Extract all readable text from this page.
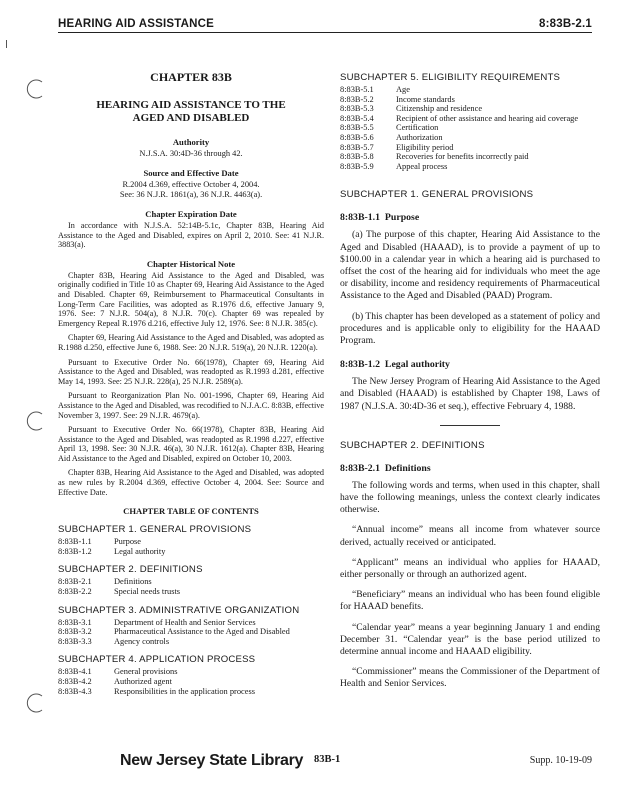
HEARING AID ASSISTANCE	8:83B-2.1
CHAPTER 83B
HEARING AID ASSISTANCE TO THE
AGED AND DISABLED
Authority
N.J.S.A. 30:4D-36 through 42.
Source and Effective Date
R.2004 d.369, effective October 4, 2004.
See: 36 N.J.R. 1861(a), 36 N.J.R. 4463(a).
Chapter Expiration Date

In accordance with N.J.S.A. 52:14B-5.1c, Chapter 83B, Hearing Aid Assistance to the Aged and Disabled, expires on April 2, 2010. See: 41 N.J.R. 3883(a).

Chapter Historical Note

Chapter 83B, Hearing Aid Assistance to the Aged and Disabled, was originally codified in Title 10 as Chapter 69, Hearing Aid Assistance to the Aged and Disabled. Chapter 69, Reimbursement to Pharmaceutical Consultants in Long-Term Care Facilities, was adopted as R.1976 d.6, effective January 9, 1976. See: 7 N.J.R. 504(a), 8 N.J.R. 70(c). Chapter 69 was repealed by Emergency Repeal R.1976 d.216, effective July 12, 1976. See: 8 N.J.R. 385(c).

Chapter 69, Hearing Aid Assistance to the Aged and Disabled, was adopted as R.1988 d.250, effective June 6, 1988. See: 20 N.J.R. 519(a), 20 N.J.R. 1220(a).

Pursuant to Executive Order No. 66(1978), Chapter 69, Hearing Aid Assistance to the Aged and Disabled, was readopted as R.1993 d.281, effective May 14, 1993. See: 25 N.J.R. 228(a), 25 N.J.R. 2589(a).

Pursuant to Reorganization Plan No. 001-1996, Chapter 69, Hearing Aid Assistance to the Aged and Disabled, was recodified to N.J.A.C. 8:83B, effective November 3, 1997. See: 29 N.J.R. 4679(a).

Pursuant to Executive Order No. 66(1978), Chapter 83B, Hearing Aid Assistance to the Aged and Disabled, was readopted as R.1998 d.227, effective April 13, 1998. See: 30 N.J.R. 46(a), 30 N.J.R. 1612(a). Chapter 83B, Hearing Aid Assistance to the Aged and Disabled, expired on October 10, 2003.

Chapter 83B, Hearing Aid Assistance to the Aged and Disabled, was adopted as new rules by R.2004 d.369, effective October 4, 2004. See: Source and Effective Date.

CHAPTER TABLE OF CONTENTS
SUBCHAPTER 1. GENERAL PROVISIONS
8:83B-1.1	Purpose
8:83B-1.2	Legal authority
SUBCHAPTER 2. DEFINITIONS
8:83B-2.1	Definitions
8:83B-2.2	Special needs trusts
SUBCHAPTER 3. ADMINISTRATIVE ORGANIZATION
8:83B-3.1	Department of Health and Senior Services
8:83B-3.2	Pharmaceutical Assistance to the Aged and Disabled
8:83B-3.3	Agency controls
SUBCHAPTER 4. APPLICATION PROCESS
8:83B-4.1	General provisions
8:83B-4.2	Authorized agent
8:83B-4.3	Responsibilities in the application process
SUBCHAPTER 5. ELIGIBILITY REQUIREMENTS
8:83B-5.1	Age
8:83B-5.2	Income standards
8:83B-5.3	Citizenship and residence
8:83B-5.4	Recipient of other assistance and hearing aid coverage
8:83B-5.5	Certification
8:83B-5.6	Authorization
8:83B-5.7	Eligibility period
8:83B-5.8	Recoveries for benefits incorrectly paid
8:83B-5.9	Appeal process
SUBCHAPTER 1. GENERAL PROVISIONS
8:83B-1.1 Purpose

(a) The purpose of this chapter, Hearing Aid Assistance to the Aged and Disabled (HAAAD), is to provide a payment of up to $100.00 in a calendar year in which a hearing aid is purchased to offset the cost of the hearing aid for individuals who meet the age or disability, income and residency requirements of Pharmaceutical Assistance to the Aged and Disabled (PAAD) Program.

(b) This chapter has been developed as a statement of policy and procedures and is applicable only to eligibility for the HAAAD Program.

8:83B-1.2 Legal authority

The New Jersey Program of Hearing Aid Assistance to the Aged and Disabled (HAAAD) is established by Chapter 198, Laws of 1987 (N.J.S.A. 30:4D-36 et seq.), effective February 4, 1988.

SUBCHAPTER 2. DEFINITIONS
8:83B-2.1 Definitions

The following words and terms, when used in this chapter, shall have the following meanings, unless the context clearly indicates otherwise.

“Annual income” means all income from whatever source derived, actually received or anticipated.

“Applicant” means an individual who applies for HAAAD, either personally or through an authorized agent.

“Beneficiary” means an individual who has been found eligible for HAAAD benefits.

“Calendar year” means a year beginning January 1 and ending December 31. “Calendar year” is the base period utilized to determine annual income and HAAAD eligibility.

“Commissioner” means the Commissioner of the Department of Health and Senior Services.

New Jersey State Library 83B-1	Supp. 10-19-09
